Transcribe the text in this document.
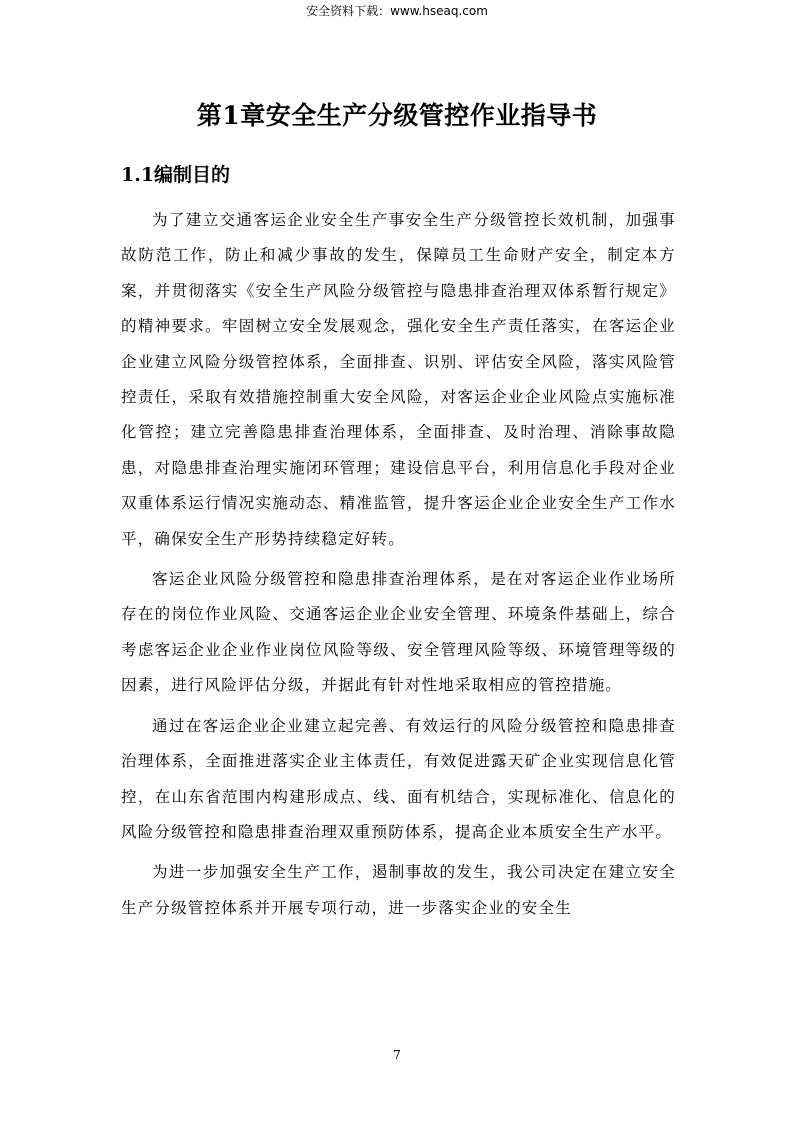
安全资料下载：www.hseaq.com
第1章安全生产分级管控作业指导书
1.1编制目的

为了建立交通客运企业安全生产事安全生产分级管控长效机制，加强事故防范工作，防止和减少事故的发生，保障员工生命财产安全，制定本方案，并贯彻落实《安全生产风险分级管控与隐患排查治理双体系暂行规定》的精神要求。牢固树立安全发展观念，强化安全生产责任落实，在客运企业企业建立风险分级管控体系，全面排查、识别、评估安全风险，落实风险管控责任，采取有效措施控制重大安全风险，对客运企业企业风险点实施标准化管控；建立完善隐患排查治理体系，全面排查、及时治理、消除事故隐患，对隐患排查治理实施闭环管理；建设信息平台，利用信息化手段对企业双重体系运行情况实施动态、精准监管，提升客运企业企业安全生产工作水平，确保安全生产形势持续稳定好转。

客运企业风险分级管控和隐患排查治理体系，是在对客运企业作业场所存在的岗位作业风险、交通客运企业企业安全管理、环境条件基础上，综合考虑客运企业企业作业岗位风险等级、安全管理风险等级、环境管理等级的因素，进行风险评估分级，并据此有针对性地采取相应的管控措施。

通过在客运企业企业建立起完善、有效运行的风险分级管控和隐患排查治理体系，全面推进落实企业主体责任，有效促进露天矿企业实现信息化管控，在山东省范围内构建形成点、线、面有机结合，实现标准化、信息化的风险分级管控和隐患排查治理双重预防体系，提高企业本质安全生产水平。

为进一步加强安全生产工作，遏制事故的发生，我公司决定在建立安全生产分级管控体系并开展专项行动，进一步落实企业的安全生

7
